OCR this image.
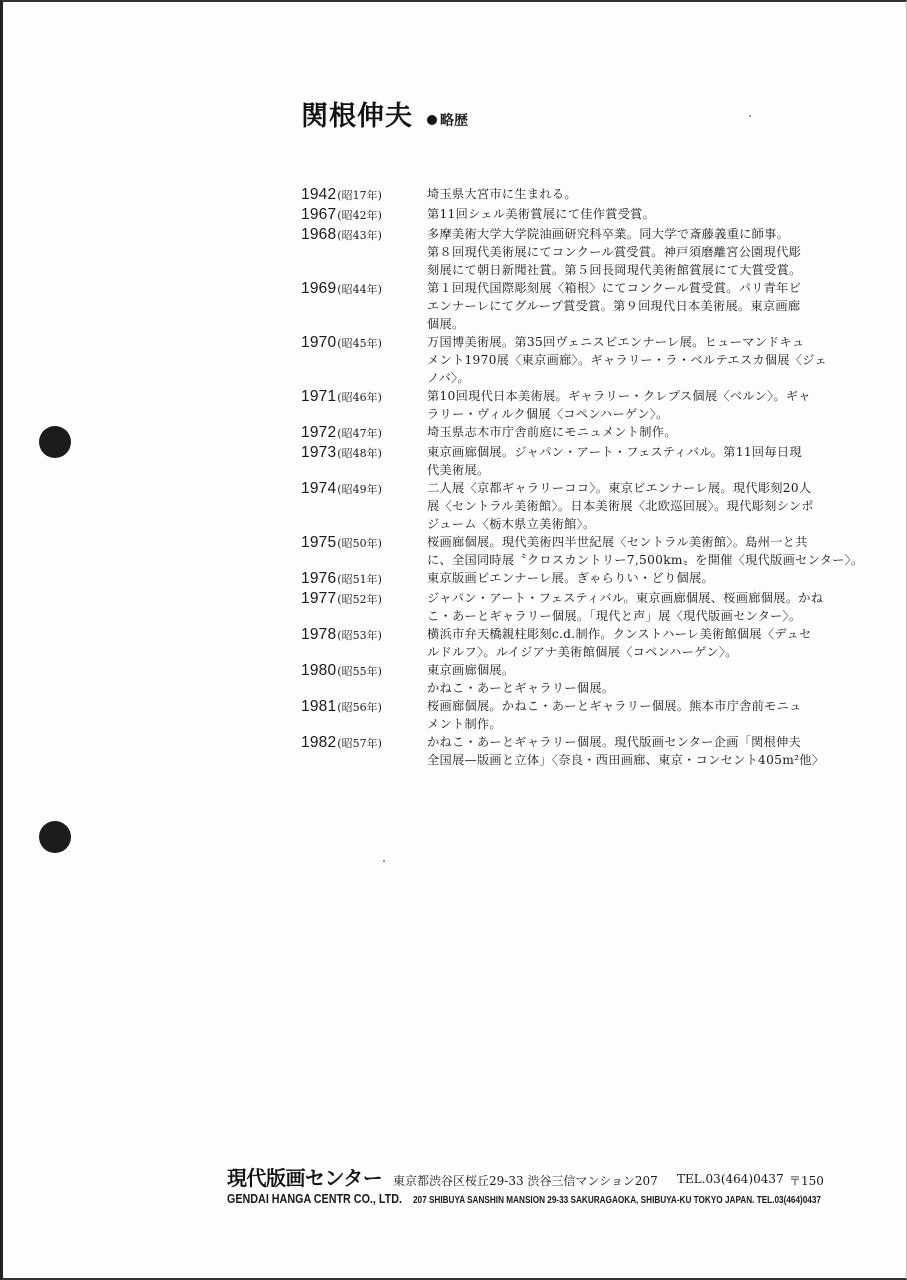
関根伸夫 略歴
1942(昭17年)	埼玉県大宮市に生まれる。
1967(昭42年)	第11回シェル美術賞展にて佳作賞受賞。
1968(昭43年)	多摩美術大学大学院油画研究科卒業。同大学で斎藤義重に師事。
第８回現代美術展にてコンクール賞受賞。神戸須磨離宮公園現代彫
刻展にて朝日新聞社賞。第５回長岡現代美術館賞展にて大賞受賞。
1969(昭44年)	第１回現代国際彫刻展〈箱根〉にてコンクール賞受賞。パリ青年ビ
エンナーレにてグループ賞受賞。第９回現代日本美術展。東京画廊
個展。
1970(昭45年)	万国博美術展。第35回ヴェニスビエンナーレ展。ヒューマンドキュ
メント1970展〈東京画廊〉。ギャラリー・ラ・ベルテエスカ個展〈ジェ
ノバ〉。
1971(昭46年)	第10回現代日本美術展。ギャラリー・クレプス個展〈ベルン〉。ギャ
ラリー・ヴィルク個展〈コペンハーゲン〉。
1972(昭47年)	埼玉県志木市庁舎前庭にモニュメント制作。
1973(昭48年)	東京画廊個展。ジャパン・アート・フェスティバル。第11回毎日現
代美術展。
1974(昭49年)	二人展〈京都ギャラリーココ〉。東京ビエンナーレ展。現代彫刻20人
展〈セントラル美術館〉。日本美術展〈北欧巡回展〉。現代彫刻シンポ
ジューム〈栃木県立美術館〉。
1975(昭50年)	桜画廊個展。現代美術四半世紀展〈セントラル美術館〉。島州一と共
に、全国同時展〝クロスカントリー7,500km〟を開催〈現代版画センター〉。
1976(昭51年)	東京版画ビエンナーレ展。ぎゃらりい・どり個展。
1977(昭52年)	ジャパン・アート・フェスティバル。東京画廊個展、桜画廊個展。かね
こ・あーとギャラリー個展。「現代と声」展〈現代版画センター〉。
1978(昭53年)	横浜市弁天橋親柱彫刻c.d.制作。クンストハーレ美術館個展〈デュセ
ルドルフ〉。ルイジアナ美術館個展〈コペンハーゲン〉。
1980(昭55年)	東京画廊個展。
かねこ・あーとギャラリー個展。
1981(昭56年)	桜画廊個展。かねこ・あーとギャラリー個展。熊本市庁舎前モニュ
メント制作。
1982(昭57年)	かねこ・あーとギャラリー個展。現代版画センター企画「関根伸夫
全国展—版画と立体」〈奈良・西田画廊、東京・コンセント405m²他〉
現代版画センター
GENDAI HANGA CENTR CO., LTD.
東京都渋谷区桜丘29-33 渋谷三信マンション207 TEL.03(464)0437 〒150
207 SHIBUYA SANSHIN MANSION 29-33 SAKURAGAOKA, SHIBUYA-KU TOKYO JAPAN. TEL.03(464)0437
